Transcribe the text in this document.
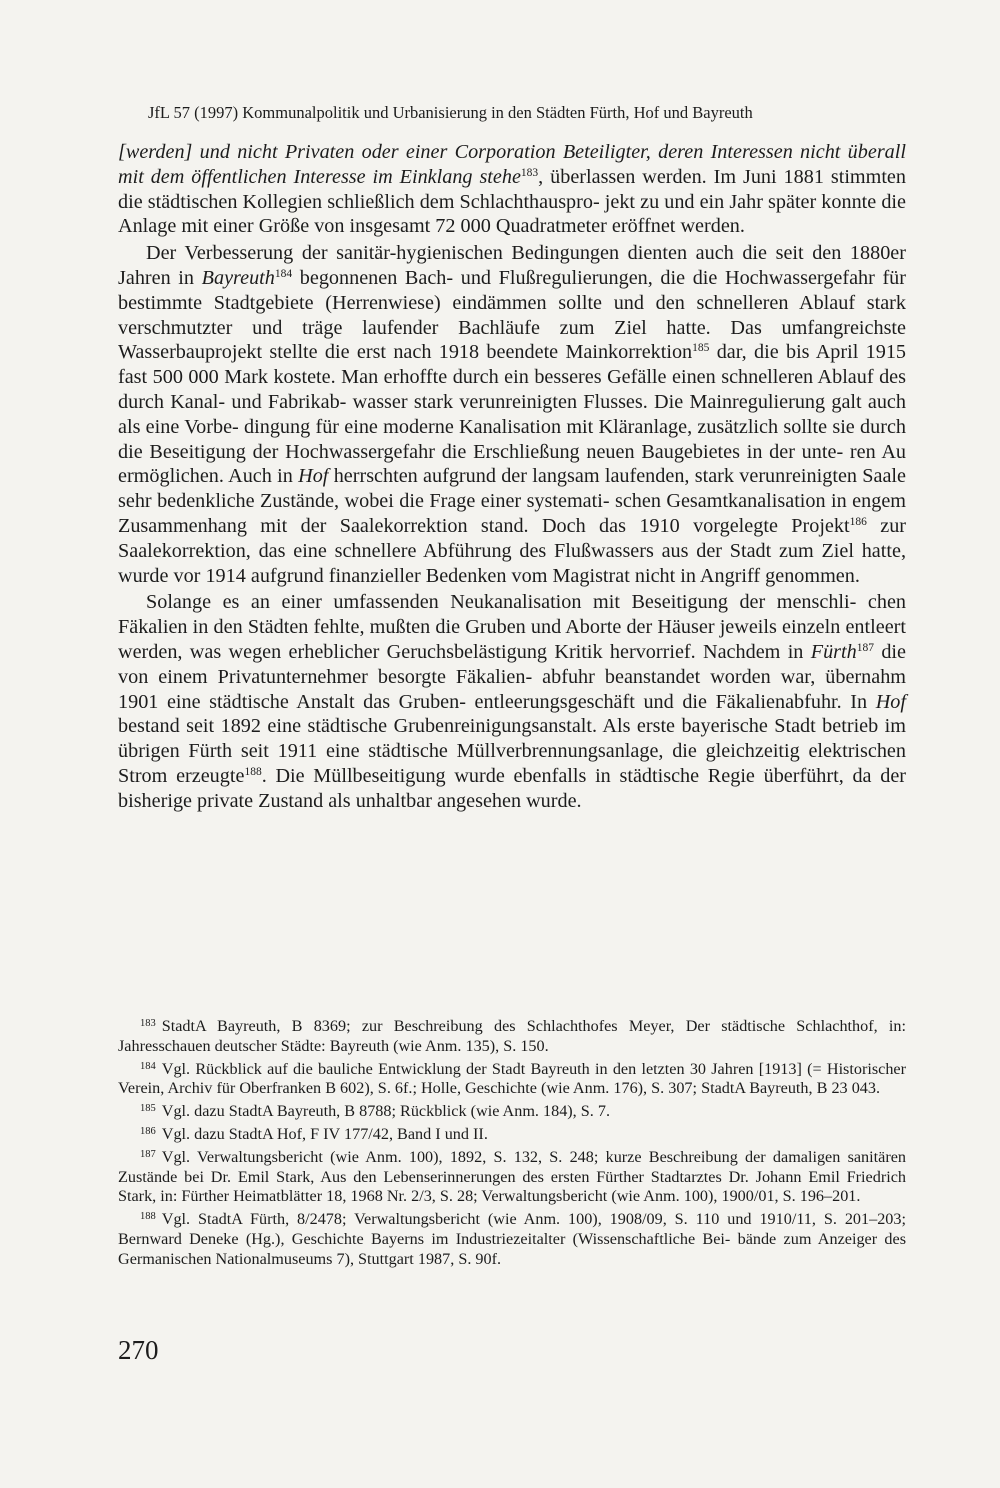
JfL 57 (1997) Kommunalpolitik und Urbanisierung in den Städten Fürth, Hof und Bayreuth

[werden] und nicht Privaten oder einer Corporation Beteiligter, deren Interessen nicht überall mit dem öffentlichen Interesse im Einklang stehe$^{183}$, überlassen werden. Im Juni 1881 stimmten die städtischen Kollegien schließlich dem Schlachthauspro- jekt zu und ein Jahr später konnte die Anlage mit einer Größe von insgesamt 72 000 Quadratmeter eröffnet werden.

Der Verbesserung der sanitär-hygienischen Bedingungen dienten auch die seit den 1880er Jahren in Bayreuth$^{184}$ begonnenen Bach- und Flußregulierungen, die die Hochwassergefahr für bestimmte Stadtgebiete (Herrenwiese) eindämmen sollte und den schnelleren Ablauf stark verschmutzter und träge laufender Bachläufe zum Ziel hatte. Das umfangreichste Wasserbauprojekt stellte die erst nach 1918 beendete Mainkorrektion$^{185}$ dar, die bis April 1915 fast 500 000 Mark kostete. Man erhoffte durch ein besseres Gefälle einen schnelleren Ablauf des durch Kanal- und Fabrikab- wasser stark verunreinigten Flusses. Die Mainregulierung galt auch als eine Vorbe- dingung für eine moderne Kanalisation mit Kläranlage, zusätzlich sollte sie durch die Beseitigung der Hochwassergefahr die Erschließung neuen Baugebietes in der unte- ren Au ermöglichen. Auch in Hof herrschten aufgrund der langsam laufenden, stark verunreinigten Saale sehr bedenkliche Zustände, wobei die Frage einer systemati- schen Gesamtkanalisation in engem Zusammenhang mit der Saalekorrektion stand. Doch das 1910 vorgelegte Projekt$^{186}$ zur Saalekorrektion, das eine schnellere Abführung des Flußwassers aus der Stadt zum Ziel hatte, wurde vor 1914 aufgrund finanzieller Bedenken vom Magistrat nicht in Angriff genommen.

Solange es an einer umfassenden Neukanalisation mit Beseitigung der menschli- chen Fäkalien in den Städten fehlte, mußten die Gruben und Aborte der Häuser jeweils einzeln entleert werden, was wegen erheblicher Geruchsbelästigung Kritik hervorrief. Nachdem in Fürth$^{187}$ die von einem Privatunternehmer besorgte Fäkalien- abfuhr beanstandet worden war, übernahm 1901 eine städtische Anstalt das Gruben- entleerungsgeschäft und die Fäkalienabfuhr. In Hof bestand seit 1892 eine städtische Grubenreinigungsanstalt. Als erste bayerische Stadt betrieb im übrigen Fürth seit 1911 eine städtische Müllverbrennungsanlage, die gleichzeitig elektrischen Strom erzeugte$^{188}$. Die Müllbeseitigung wurde ebenfalls in städtische Regie überführt, da der bisherige private Zustand als unhaltbar angesehen wurde.

$^{183}$ StadtA Bayreuth, B 8369; zur Beschreibung des Schlachthofes Meyer, Der städtische Schlachthof, in: Jahresschauen deutscher Städte: Bayreuth (wie Anm. 135), S. 150.

$^{184}$ Vgl. Rückblick auf die bauliche Entwicklung der Stadt Bayreuth in den letzten 30 Jahren [1913] (= Historischer Verein, Archiv für Oberfranken B 602), S. 6f.; Holle, Geschichte (wie Anm. 176), S. 307; StadtA Bayreuth, B 23 043.

$^{185}$ Vgl. dazu StadtA Bayreuth, B 8788; Rückblick (wie Anm. 184), S. 7.

$^{186}$ Vgl. dazu StadtA Hof, F IV 177/42, Band I und II.

$^{187}$ Vgl. Verwaltungsbericht (wie Anm. 100), 1892, S. 132, S. 248; kurze Beschreibung der damaligen sanitären Zustände bei Dr. Emil Stark, Aus den Lebenserinnerungen des ersten Fürther Stadtarztes Dr. Johann Emil Friedrich Stark, in: Fürther Heimatblätter 18, 1968 Nr. 2/3, S. 28; Verwaltungsbericht (wie Anm. 100), 1900/01, S. 196–201.

$^{188}$ Vgl. StadtA Fürth, 8/2478; Verwaltungsbericht (wie Anm. 100), 1908/09, S. 110 und 1910/11, S. 201–203; Bernward Deneke (Hg.), Geschichte Bayerns im Industriezeitalter (Wissenschaftliche Bei- bände zum Anzeiger des Germanischen Nationalmuseums 7), Stuttgart 1987, S. 90f.

270
